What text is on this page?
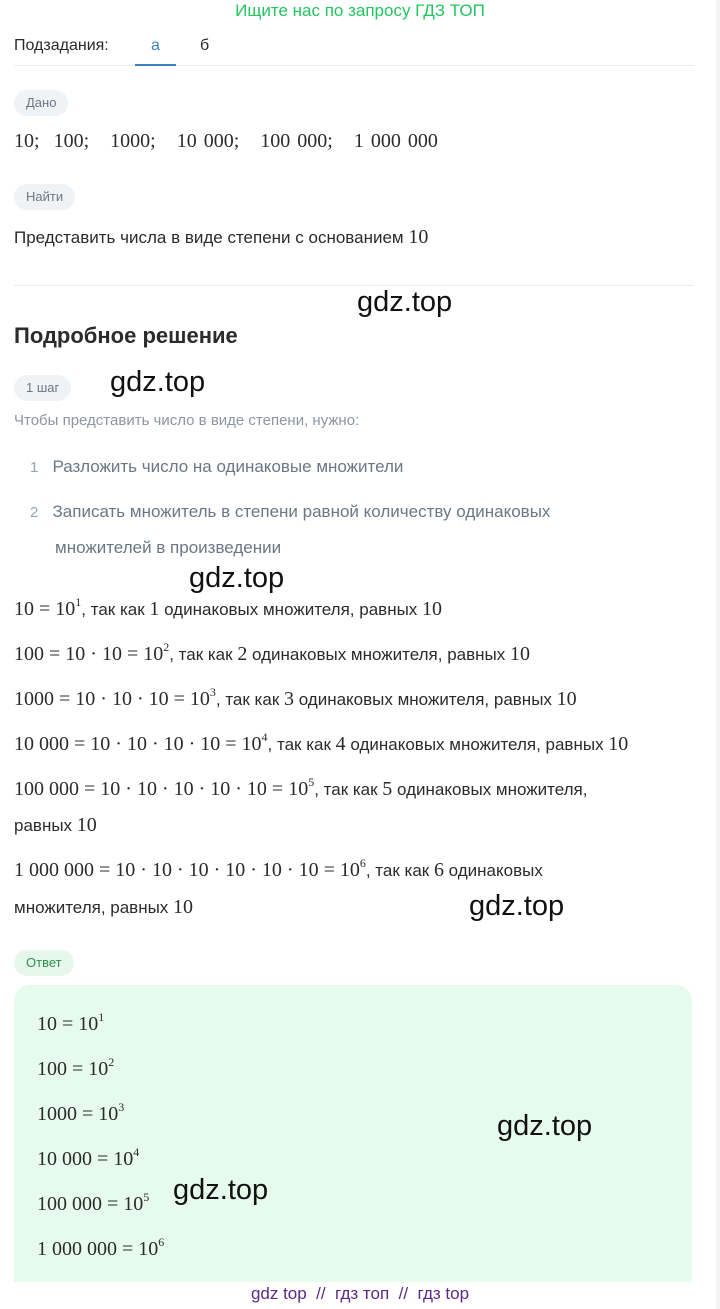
Ищите нас по запросу ГДЗ ТОП
Подзадания:	а	б
Дано
10; 100; 1000; 10 000; 100 000; 1 000 000
Найти
Представить числа в виде степени с основанием 10
Подробное решение
1 шаг
Чтобы представить число в виде степени, нужно:
1 Разложить число на одинаковые множители
2 Записать множитель в степени равной количеству одинаковых
множителей в произведении
$10 = 10^1$, так как 1 одинаковых множителя, равных 10
$100 = 10 \cdot 10 = 10^2$, так как 2 одинаковых множителя, равных 10
$1000 = 10 \cdot 10 \cdot 10 = 10^3$, так как 3 одинаковых множителя, равных 10
10 $000 = 10 \cdot 10 \cdot 10 \cdot 10 = 10^4$, так как 4 одинаковых множителя, равных 10
100 $000 = 10 \cdot 10 \cdot 10 \cdot 10 \cdot 10 = 10^5$, так как 5 одинаковых множителя,
равных 10
1 000 $000 = 10 \cdot 10 \cdot 10 \cdot 10 \cdot 10 \cdot 10 = 10^6$, так как 6 одинаковых
множителя, равных 10
Ответ
$10 = 10^1$
$100 = 10^2$
$1000 = 10^3$
10 $000 = 10^4$
100 $000 = 10^5$
1 000 $000 = 10^6$
gdz.top
gdz.top
gdz.top
gdz.top
gdz.top
gdz.top
gdz top  //  гдз топ  //  гдз top
